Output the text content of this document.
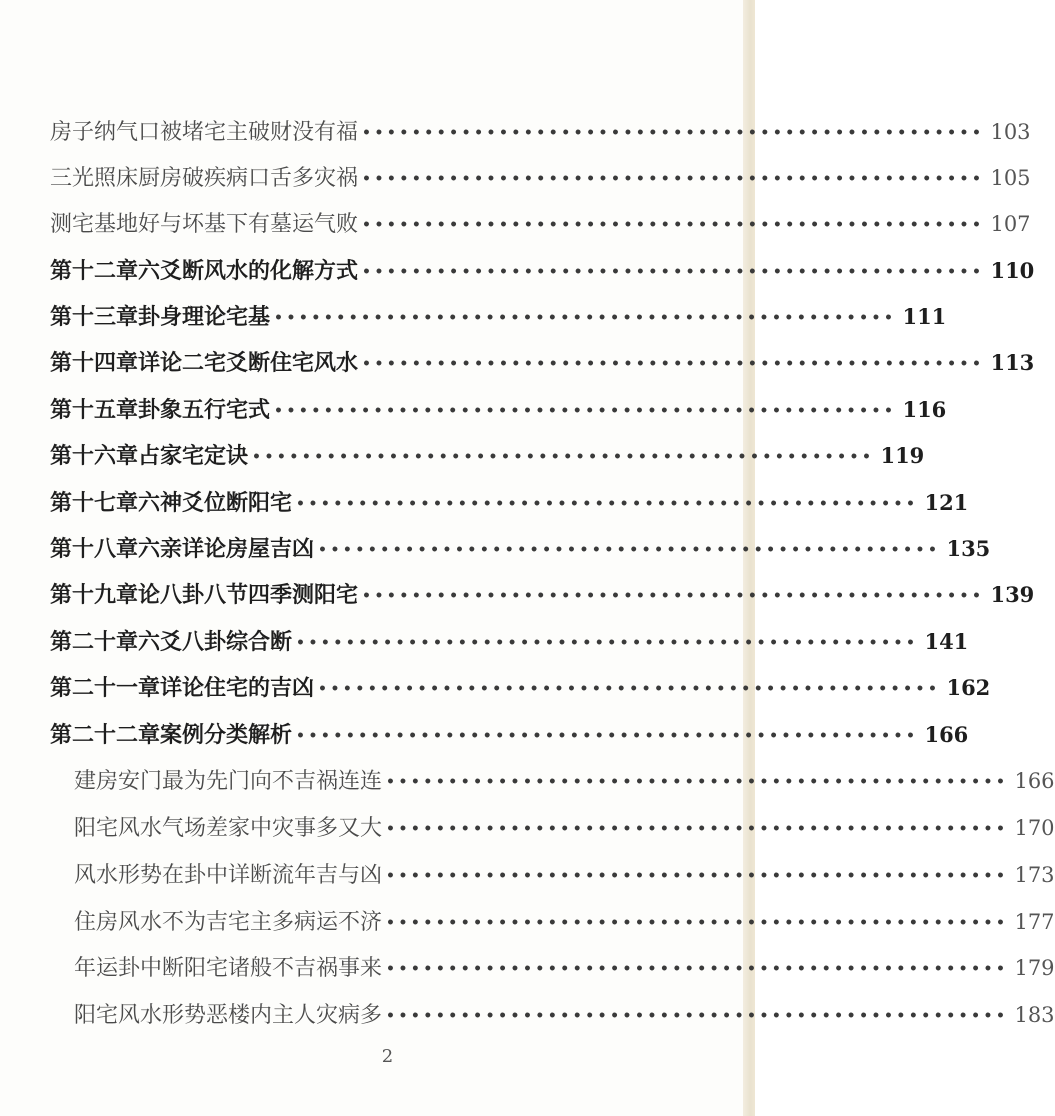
房子纳气口被堵 宅主破财没有福 •••••••••••••••••••••••••••••••••••••••••••••••••• 103
三光照床厨房破 疾病口舌多灾祸 •••••••••••••••••••••••••••••••••••••••••••••••••• 105
测宅基地好与坏 基下有墓运气败 •••••••••••••••••••••••••••••••••••••••••••••••••• 107
第十二章 六爻断风水的化解方式 •••••••••••••••••••••••••••••••••••••••••••••••••• 110
第十三章 卦身理论宅基 •••••••••••••••••••••••••••••••••••••••••••••••••• 111
第十四章 详论二宅爻断住宅风水 •••••••••••••••••••••••••••••••••••••••••••••••••• 113
第十五章 卦象五行宅式 •••••••••••••••••••••••••••••••••••••••••••••••••• 116
第十六章 占家宅定诀 •••••••••••••••••••••••••••••••••••••••••••••••••• 119
第十七章 六神爻位断阳宅 •••••••••••••••••••••••••••••••••••••••••••••••••• 121
第十八章 六亲详论房屋吉凶 •••••••••••••••••••••••••••••••••••••••••••••••••• 135
第十九章 论八卦八节四季测阳宅 •••••••••••••••••••••••••••••••••••••••••••••••••• 139
第二十章 六爻八卦综合断 •••••••••••••••••••••••••••••••••••••••••••••••••• 141
第二十一章 详论住宅的吉凶 •••••••••••••••••••••••••••••••••••••••••••••••••• 162
第二十二章 案例分类解析 •••••••••••••••••••••••••••••••••••••••••••••••••• 166
建房安门最为先 门向不吉祸连连 •••••••••••••••••••••••••••••••••••••••••••••••••• 166
阳宅风水气场差 家中灾事多又大 •••••••••••••••••••••••••••••••••••••••••••••••••• 170
风水形势在卦中 详断流年吉与凶 •••••••••••••••••••••••••••••••••••••••••••••••••• 173
住房风水不为吉 宅主多病运不济 •••••••••••••••••••••••••••••••••••••••••••••••••• 177
年运卦中断阳宅 诸般不吉祸事来 •••••••••••••••••••••••••••••••••••••••••••••••••• 179
阳宅风水形势恶 楼内主人灾病多 •••••••••••••••••••••••••••••••••••••••••••••••••• 183
2
